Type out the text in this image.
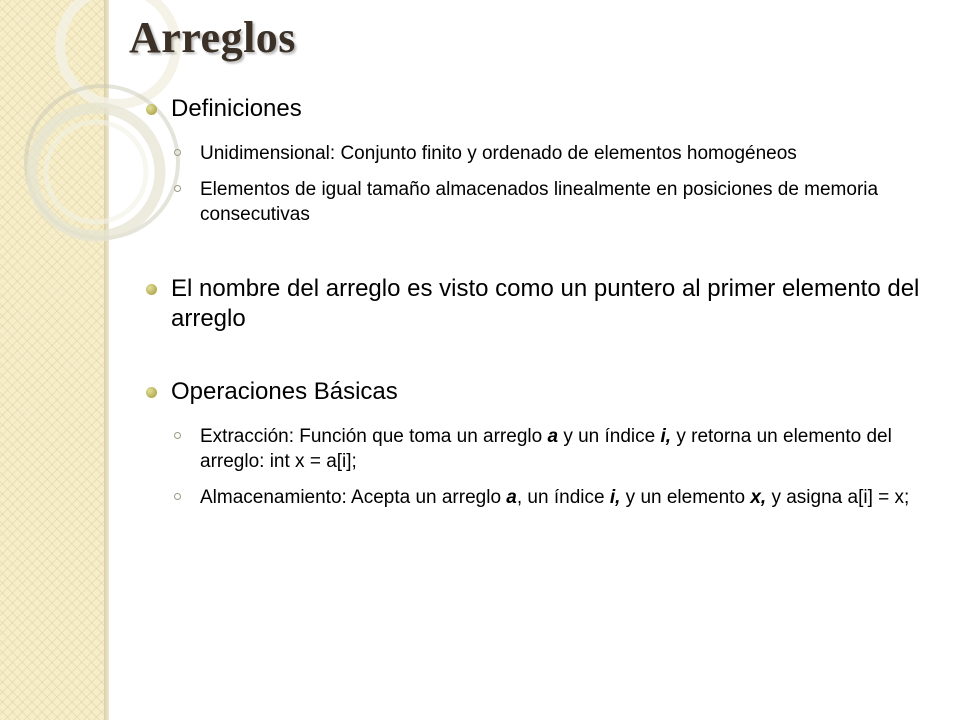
Arreglos
Definiciones
Unidimensional: Conjunto finito y ordenado de elementos homogéneos
Elementos de igual tamaño almacenados linealmente en posiciones de memoria consecutivas
El nombre del arreglo es visto como un puntero al primer elemento del arreglo
Operaciones Básicas
Extracción: Función que toma un arreglo a y un índice i, y retorna un elemento del arreglo: int x = a[i];
Almacenamiento: Acepta un arreglo a, un índice i, y un elemento x, y asigna a[i] = x;
